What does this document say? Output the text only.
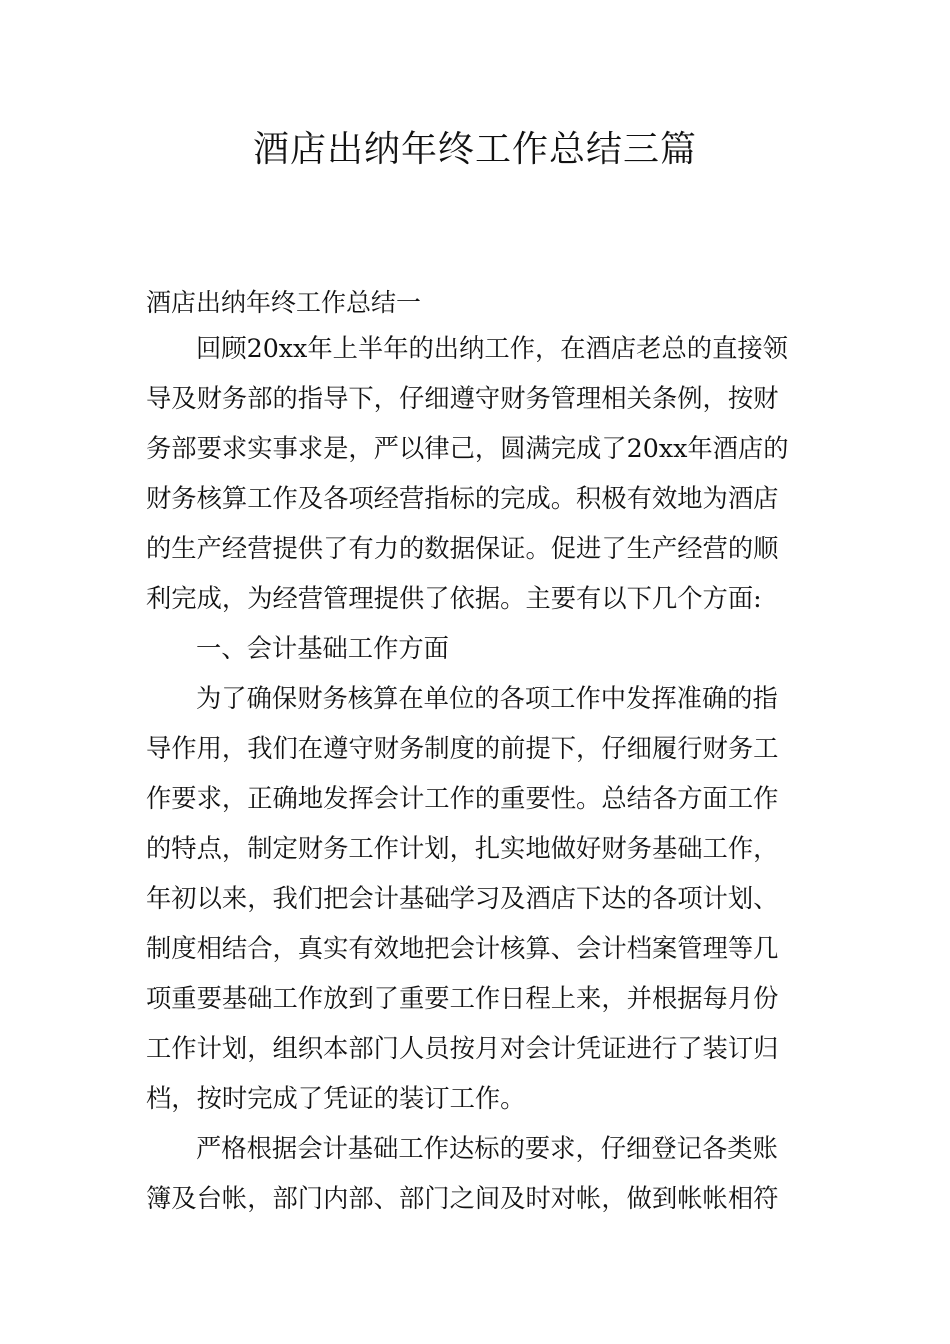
酒店出纳年终工作总结三篇
酒店出纳年终工作总结一
回顾20xx年上半年的出纳工作，在酒店老总的直接领
导及财务部的指导下，仔细遵守财务管理相关条例，按财
务部要求实事求是，严以律己，圆满完成了20xx年酒店的
财务核算工作及各项经营指标的完成。积极有效地为酒店
的生产经营提供了有力的数据保证。促进了生产经营的顺
利完成，为经营管理提供了依据。主要有以下几个方面:
一、会计基础工作方面
为了确保财务核算在单位的各项工作中发挥准确的指
导作用，我们在遵守财务制度的前提下，仔细履行财务工
作要求，正确地发挥会计工作的重要性。总结各方面工作
的特点，制定财务工作计划，扎实地做好财务基础工作，
年初以来，我们把会计基础学习及酒店下达的各项计划、
制度相结合，真实有效地把会计核算、会计档案管理等几
项重要基础工作放到了重要工作日程上来，并根据每月份
工作计划，组织本部门人员按月对会计凭证进行了装订归
档，按时完成了凭证的装订工作。
严格根据会计基础工作达标的要求，仔细登记各类账
簿及台帐，部门内部、部门之间及时对帐，做到帐帐相符
